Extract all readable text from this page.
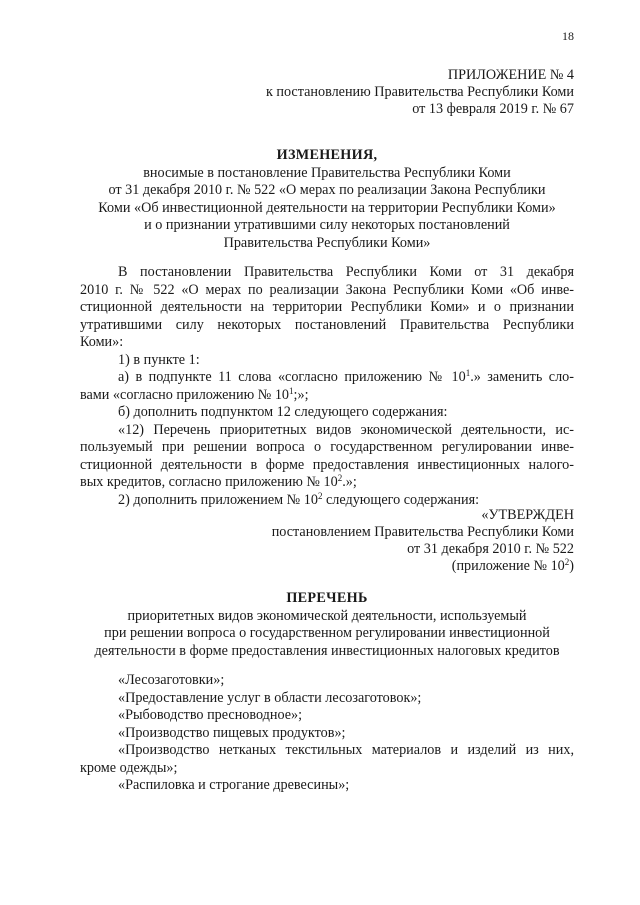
18
ПРИЛОЖЕНИЕ № 4
к постановлению Правительства Республики Коми
от 13 февраля 2019 г. № 67
ИЗМЕНЕНИЯ,
вносимые в постановление Правительства Республики Коми
от 31 декабря 2010 г. № 522 «О мерах по реализации Закона Республики
Коми «Об инвестиционной деятельности на территории Республики Коми»
и о признании утратившими силу некоторых постановлений
Правительства Республики Коми»
В постановлении Правительства Республики Коми от 31 декабря
2010 г. № 522 «О мерах по реализации Закона Республики Коми «Об инве-
стиционной деятельности на территории Республики Коми» и о признании
утратившими силу некоторых постановлений Правительства Республики
Коми»:
1) в пункте 1:
а) в подпункте 11 слова «согласно приложению № $10^1$.» заменить сло-
вами «согласно приложению № $10^1$;»;
б) дополнить подпунктом 12 следующего содержания:
«12) Перечень приоритетных видов экономической деятельности, ис-
пользуемый при решении вопроса о государственном регулировании инве-
стиционной деятельности в форме предоставления инвестиционных налого-
вых кредитов, согласно приложению № $10^2$.»;
2) дополнить приложением № $10^2$ следующего содержания:
«УТВЕРЖДЕН
постановлением Правительства Республики Коми
от 31 декабря 2010 г. № 522
(приложение № $10^2$)
ПЕРЕЧЕНЬ
приоритетных видов экономической деятельности, используемый
при решении вопроса о государственном регулировании инвестиционной
деятельности в форме предоставления инвестиционных налоговых кредитов
«Лесозаготовки»;
«Предоставление услуг в области лесозаготовок»;
«Рыбоводство пресноводное»;
«Производство пищевых продуктов»;
«Производство нетканых текстильных материалов и изделий из них,
кроме одежды»;
«Распиловка и строгание древесины»;
